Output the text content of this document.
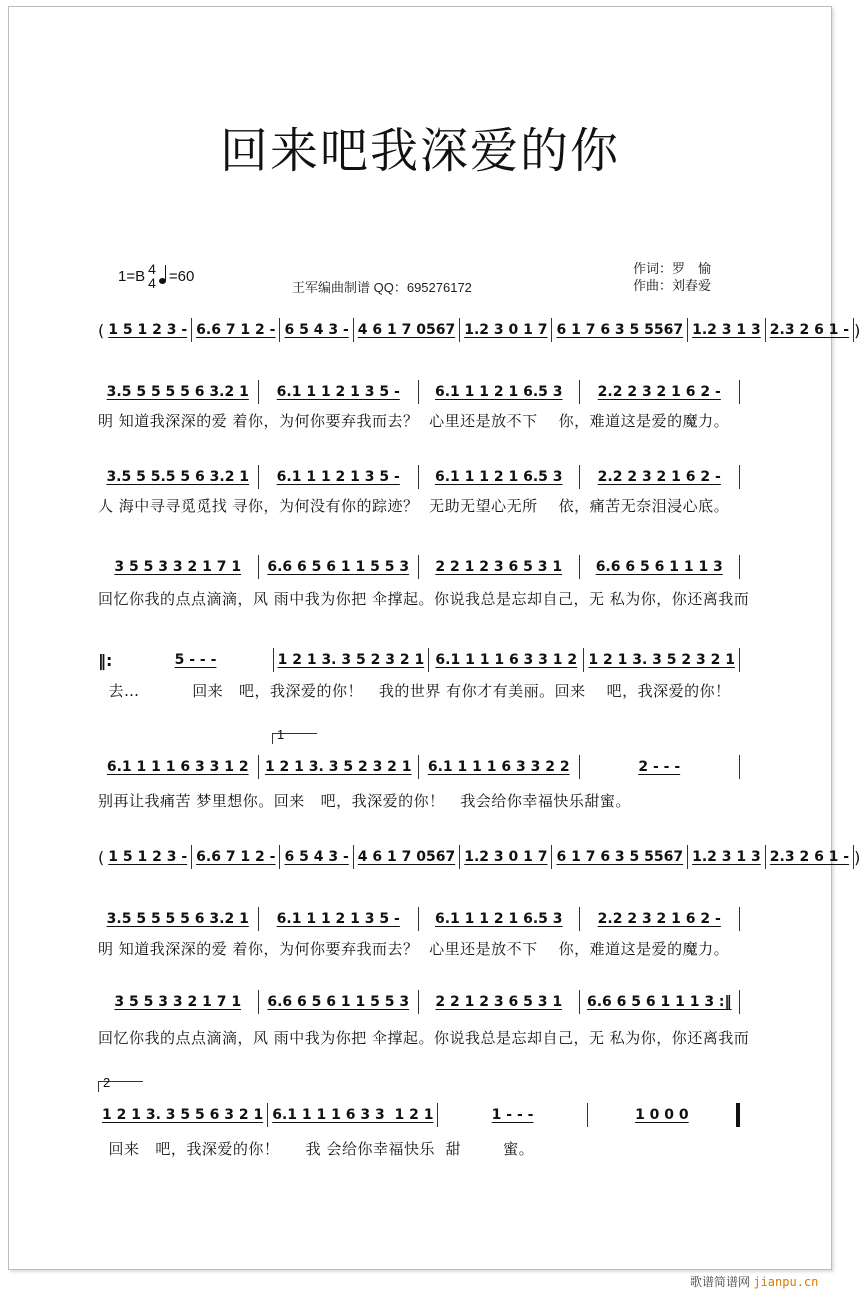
回来吧我深爱的你
1=B 4
4 =60
王军编曲制谱 QQ：695276172
作词：罗　愉
作曲：刘春爱
( 1 5 1 2 3 - 6.6 7 1 2 - 6 5 4 3 - 4 6 1 7 0567 1.2 3 0 1 7 6 1 7 6 3 5 5567 1.2 3 1 3 2.3 2 6 1 - )
3.5 5 5 5 5 6 3.2 1 6.1 1 1 2 1 3 5 -	6.1 1 1 2 1 6.5 3	2.2 2 3 2 1 6 2 -
明 知道我深深的爱 着你，为何你要弃我而去？  心里还是放不下    你，难道这是爱的魔力。
3.5 5 5.5 5 6 3.2 1 6.1 1 1 2 1 3 5 -	6.1 1 1 2 1 6.5 3	2.2 2 3 2 1 6 2 -
人 海中寻寻觅觅找 寻你，为何没有你的踪迹？  无助无望心无所    依，痛苦无奈泪浸心底。
3 5 5 3 3 2 1 7 1 6.6 6 5 6 1 1 5 5 3 2 2 1 2 3 6 5 3 1 6.6 6 5 6 1 1 1 3
回忆你我的点点滴滴，风 雨中我为你把 伞撑起。你说我总是忘却自己，无 私为你，你还离我而
‖:	5 - - -	1 2 1 3. 3 5 2 3 2 1 6.1 1 1 1 6 3 3 1 2 1 2 1 3. 3 5 2 3 2 1
去…          回来   吧，我深爱的你！   我的世界 有你才有美丽。回来    吧，我深爱的你！
6.1 1 1 1 6 3 3 1 2 1 2 1 3. 3 5 2 3 2 1 6.1 1 1 1 6 3 3 2 2	2 - - -
1
别再让我痛苦 梦里想你。回来   吧，我深爱的你！   我会给你幸福快乐甜蜜。
( 1 5 1 2 3 - 6.6 7 1 2 - 6 5 4 3 - 4 6 1 7 0567 1.2 3 0 1 7 6 1 7 6 3 5 5567 1.2 3 1 3 2.3 2 6 1 - )
3.5 5 5 5 5 6 3.2 1 6.1 1 1 2 1 3 5 -	6.1 1 1 2 1 6.5 3	2.2 2 3 2 1 6 2 -
明 知道我深深的爱 着你，为何你要弃我而去？  心里还是放不下    你，难道这是爱的魔力。
3 5 5 3 3 2 1 7 1 6.6 6 5 6 1 1 5 5 3 2 2 1 2 3 6 5 3 1 6.6 6 5 6 1 1 1 3 :‖
回忆你我的点点滴滴，风 雨中我为你把 伞撑起。你说我总是忘却自己，无 私为你，你还离我而
1 2 1 3. 3 5 5 6 3 2 1 6.1 1 1 1 6 3 3  1 2 1	1 - - -	1 0 0 0
2
回来   吧，我深爱的你！     我 会给你幸福快乐  甜        蜜。
歌谱简谱网 jianpu.cn
